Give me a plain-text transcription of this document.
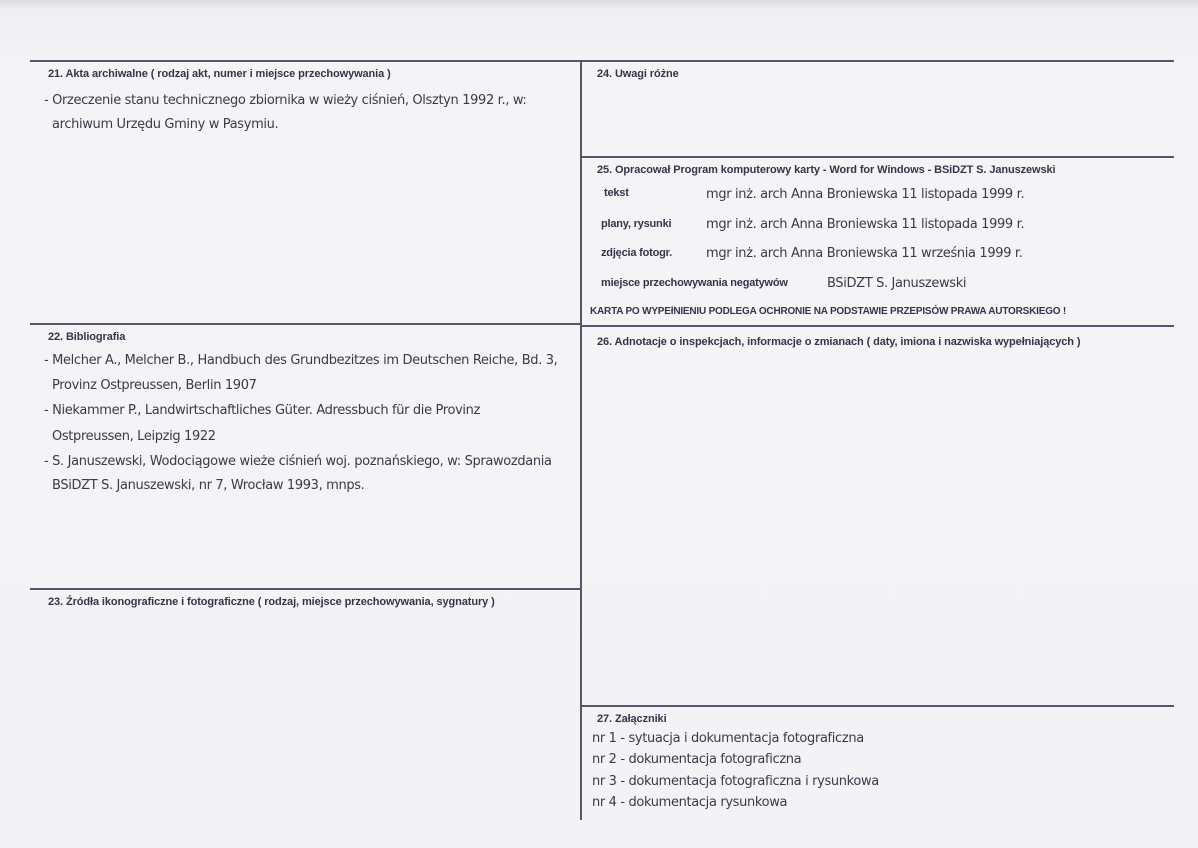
21. Akta archiwalne ( rodzaj akt, numer i miejsce przechowywania )
- Orzeczenie stanu technicznego zbiornika w wieży ciśnień, Olsztyn 1992 r., w:
archiwum Urzędu Gminy w Pasymiu.
22. Bibliografia
- Melcher A., Melcher B., Handbuch des Grundbezitzes im Deutschen Reiche, Bd. 3,
Provinz Ostpreussen, Berlin 1907
- Niekammer P., Landwirtschaftliches Güter. Adressbuch für die Provinz
Ostpreussen, Leipzig 1922
- S. Januszewski, Wodociągowe wieże ciśnień woj. poznańskiego, w: Sprawozdania
BSiDZT S. Januszewski, nr 7, Wrocław 1993, mnps.
23. Źródła ikonograficzne i fotograficzne ( rodzaj, miejsce przechowywania, sygnatury )
24. Uwagi różne
25. Opracował Program komputerowy karty - Word for Windows - BSiDZT S. Januszewski
tekst	mgr inż. arch Anna Broniewska 11 listopada 1999 r.
plany, rysunki	mgr inż. arch Anna Broniewska 11 listopada 1999 r.
zdjęcia fotogr.	mgr inż. arch Anna Broniewska 11 września 1999 r.
miejsce przechowywania negatywów	BSiDZT S. Januszewski
KARTA PO WYPEłNIENIU PODLEGA OCHRONIE NA PODSTAWIE PRZEPISÓW PRAWA AUTORSKIEGO !
26. Adnotacje o inspekcjach, informacje o zmianach ( daty, imiona i nazwiska wypełniających )
27. Załączniki
nr 1 - sytuacja i dokumentacja fotograficzna
nr 2 - dokumentacja fotograficzna
nr 3 - dokumentacja fotograficzna i rysunkowa
nr 4 - dokumentacja rysunkowa
